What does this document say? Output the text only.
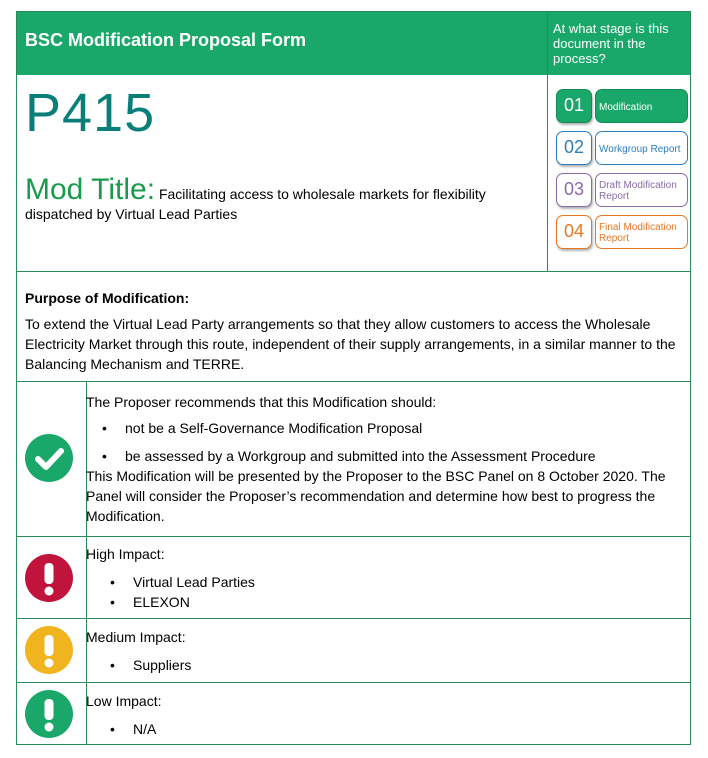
BSC Modification Proposal Form
At what stage is this document in the process?
P415
Mod Title: Facilitating access to wholesale markets for flexibility dispatched by Virtual Lead Parties
01	Modification
02	Workgroup Report
03	Draft Modification Report
04	Final Modification Report
Purpose of Modification:
To extend the Virtual Lead Party arrangements so that they allow customers to access the Wholesale Electricity Market through this route, independent of their supply arrangements, in a similar manner to the Balancing Mechanism and TERRE.
The Proposer recommends that this Modification should:
• not be a Self-Governance Modification Proposal
• be assessed by a Workgroup and submitted into the Assessment Procedure
This Modification will be presented by the Proposer to the BSC Panel on 8 October 2020. The Panel will consider the Proposer’s recommendation and determine how best to progress the Modification.
High Impact:
• Virtual Lead Parties
• ELEXON
Medium Impact:
• Suppliers
Low Impact:
• N/A
